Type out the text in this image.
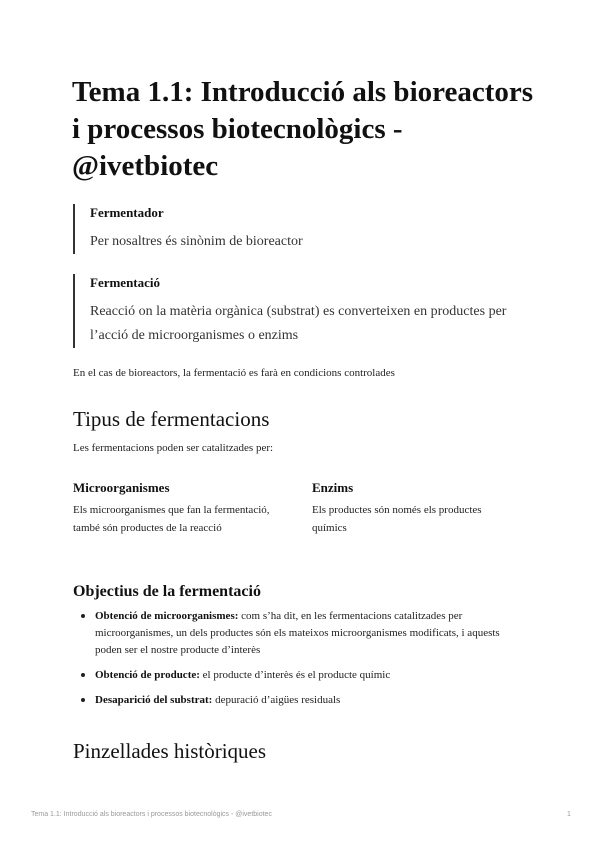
Tema 1.1: Introducció als bioreactors i processos biotecnològics - @ivetbiotec
Fermentador
Per nosaltres és sinònim de bioreactor
Fermentació
Reacció on la matèria orgànica (substrat) es converteixen en productes per l’acció de microorganismes o enzims
En el cas de bioreactors, la fermentació es farà en condicions controlades
Tipus de fermentacions
Les fermentacions poden ser catalitzades per:
Microorganismes
Els microorganismes que fan la fermentació, també són productes de la reacció
Enzims
Els productes són només els productes químics
Objectius de la fermentació
Obtenció de microorganismes: com s’ha dit, en les fermentacions catalitzades per microorganismes, un dels productes són els mateixos microorganismes modificats, i aquests poden ser el nostre producte d’interès
Obtenció de producte: el producte d’interès és el producte químic
Desaparició del substrat: depuració d’aigües residuals
Pinzellades històriques
Tema 1.1: Introducció als bioreactors i processos biotecnològics - @ivetbiotec	1
